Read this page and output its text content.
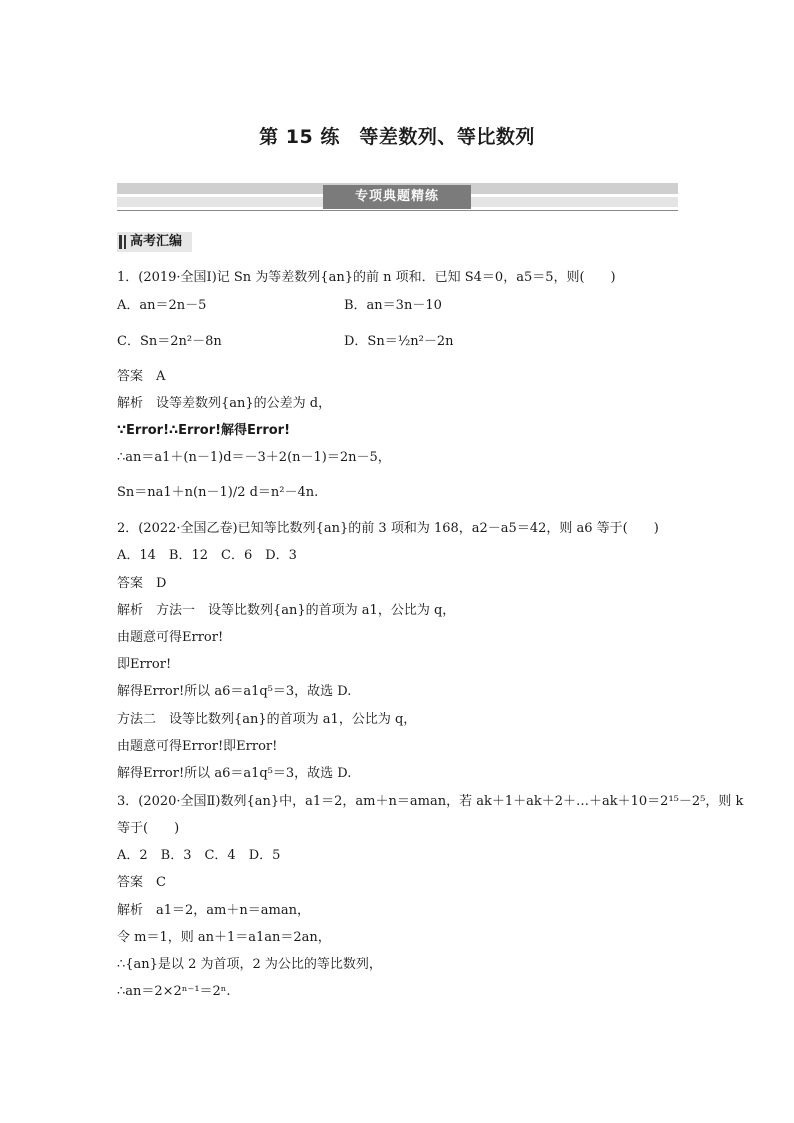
第 15 练　等差数列、等比数列
专项典题精练
高考汇编
1．(2019·全国Ⅰ)记 Sn 为等差数列{an}的前 n 项和．已知 S4＝0，a5＝5，则(　　)
A．an＝2n－5	B．an＝3n－10
C．Sn＝2n²－8n	D．Sn＝½n²－2n
答案　A
解析　设等差数列{an}的公差为 d，
∵Error!∴Error!解得Error!
∴an＝a1＋(n－1)d＝－3＋2(n－1)＝2n－5，
Sn＝na1＋n(n－1)/2 d＝n²－4n.
2．(2022·全国乙卷)已知等比数列{an}的前 3 项和为 168，a2－a5＝42，则 a6 等于(　　)
A．14　B．12　C．6　D．3
答案　D
解析　方法一　设等比数列{an}的首项为 a1，公比为 q，
由题意可得Error!
即Error!
解得Error!所以 a6＝a1q⁵＝3，故选 D.
方法二　设等比数列{an}的首项为 a1，公比为 q，
由题意可得Error!即Error!
解得Error!所以 a6＝a1q⁵＝3，故选 D.
3．(2020·全国Ⅱ)数列{an}中，a1＝2，am＋n＝aman，若 ak＋1＋ak＋2＋…＋ak＋10＝2¹⁵－2⁵，则 k
等于(　　)
A．2　B．3　C．4　D．5
答案　C
解析　a1＝2，am＋n＝aman，
令 m＝1，则 an＋1＝a1an＝2an，
∴{an}是以 2 为首项，2 为公比的等比数列，
∴an＝2×2ⁿ⁻¹＝2ⁿ.
